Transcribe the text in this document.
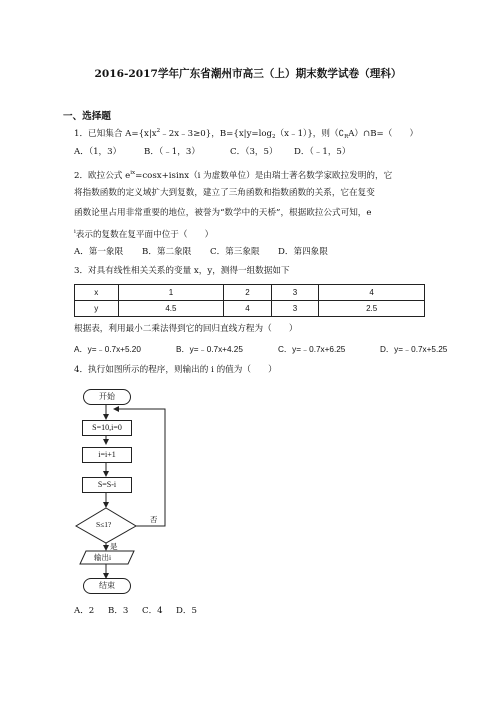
2016-2017学年广东省潮州市高三（上）期末数学试卷（理科）
一、选择题
1．已知集合 $A=\{x|x^2﹣2x﹣3\ge 0\}$，$B=\{x|y=\log_2(x﹣1)\}$，则$(∁_RA)\cap B=$（　　）
A．（1，3）	B．（﹣1，3）	C．（3，5） D．（﹣1，5）
2．欧拉公式 $e^{ix}=\cos x+isinx(i$ 为虚数单位）是由瑞士著名数学家欧拉发明的，它
将指数函数的定义域扩大到复数，建立了三角函数和指数函数的关系，它在复变
函数论里占用非常重要的地位，被誉为“数学中的天桥”，根据欧拉公式可知，e
$^i$表示的复数在复平面中位于（　　）
A．第一象限 B．第二象限 C．第三象限 D．第四象限
3．对具有线性相关关系的变量 x，y，测得一组数据如下
x	1	2	3	4
y	4.5	4	3	2.5
根据表，利用最小二乘法得到它的回归直线方程为（　　）
A．y=﹣0.7x+5.20	B．y=﹣0.7x+4.25	C．y=﹣0.7x+6.25	D．y=﹣0.7x+5.25
4．执行如图所示的程序，则输出的 i 的值为（　　）
开始
S=10,i=0
i=i+1
S=S-i
S≤1?
是
否
输出i
结束
A．2 B．3 C．4 D．5
